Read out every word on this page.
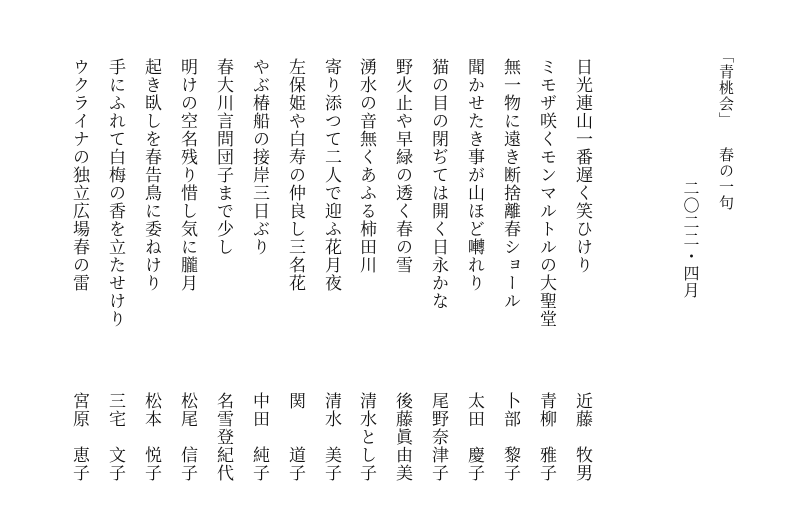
「青桃会」 春の一句
二〇二二・四月
日光連山一番遅く笑ひけり
ミモザ咲くモンマルトルの大聖堂
無一物に遠き断捨離春ショール
聞かせたき事が山ほど囀れり
猫の目の閉ぢては開く日永かな
野火止や早緑の透く春の雪
湧水の音無くあふる柿田川
寄り添つて二人で迎ふ花月夜
左保姫や白寿の仲良し三名花
やぶ椿船の接岸三日ぶり
春大川言問団子まで少し
明けの空名残り惜し気に朧月
起き臥しを春告鳥に委ねけり
手にふれて白梅の香を立たせけり
ウクライナの独立広場春の雷
近藤　牧男
青柳　雅子
卜部　黎子
太田　慶子
尾野奈津子
後藤眞由美
清水とし子
清水　美子
関　　道子
中田　純子
名雪登紀代
松尾　信子
松本　悦子
三宅　文子
宮原　恵子
